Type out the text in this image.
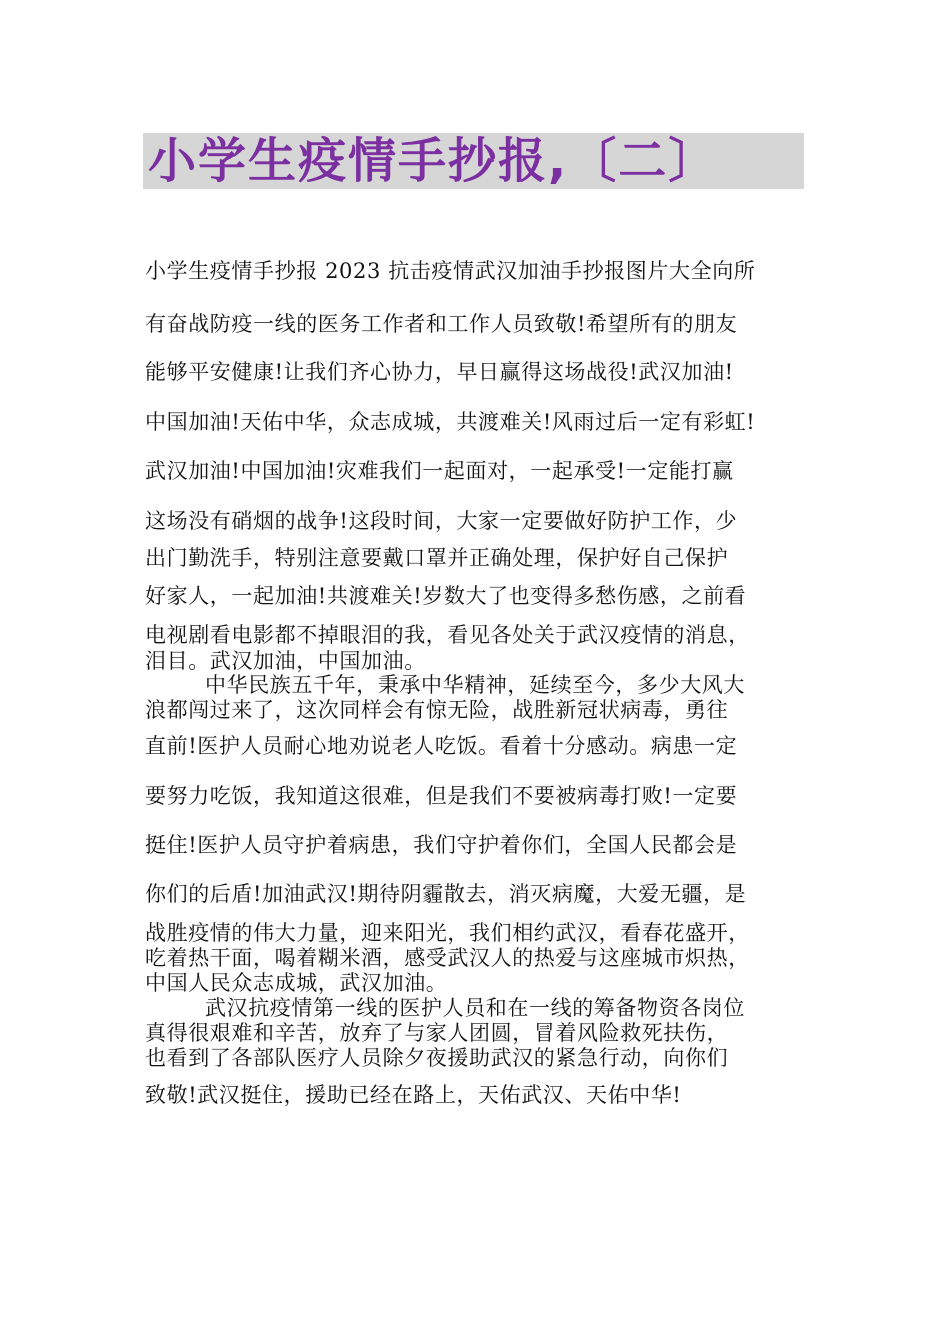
小学生疫情手抄报,〔二〕
小学生疫情手抄报 2023 抗击疫情武汉加油手抄报图片大全向所
有奋战防疫一线的医务工作者和工作人员致敬!希望所有的朋友
能够平安健康!让我们齐心协力，早日赢得这场战役!武汉加油!
中国加油!天佑中华，众志成城，共渡难关!风雨过后一定有彩虹!
武汉加油!中国加油!灾难我们一起面对，一起承受!一定能打赢
这场没有硝烟的战争!这段时间，大家一定要做好防护工作，少
出门勤洗手，特别注意要戴口罩并正确处理，保护好自己保护
好家人，一起加油!共渡难关!岁数大了也变得多愁伤感，之前看
电视剧看电影都不掉眼泪的我，看见各处关于武汉疫情的消息，
泪目。武汉加油，中国加油。
中华民族五千年，秉承中华精神，延续至今，多少大风大
浪都闯过来了，这次同样会有惊无险，战胜新冠状病毒，勇往
直前!医护人员耐心地劝说老人吃饭。看着十分感动。病患一定
要努力吃饭，我知道这很难，但是我们不要被病毒打败!一定要
挺住!医护人员守护着病患，我们守护着你们，全国人民都会是
你们的后盾!加油武汉!期待阴霾散去，消灭病魔，大爱无疆，是
战胜疫情的伟大力量，迎来阳光，我们相约武汉，看春花盛开，
吃着热干面，喝着糊米酒，感受武汉人的热爱与这座城市炽热，
中国人民众志成城，武汉加油。
武汉抗疫情第一线的医护人员和在一线的筹备物资各岗位
真得很艰难和辛苦，放弃了与家人团圆，冒着风险救死扶伤，
也看到了各部队医疗人员除夕夜援助武汉的紧急行动，向你们
致敬!武汉挺住，援助已经在路上，天佑武汉、天佑中华!
